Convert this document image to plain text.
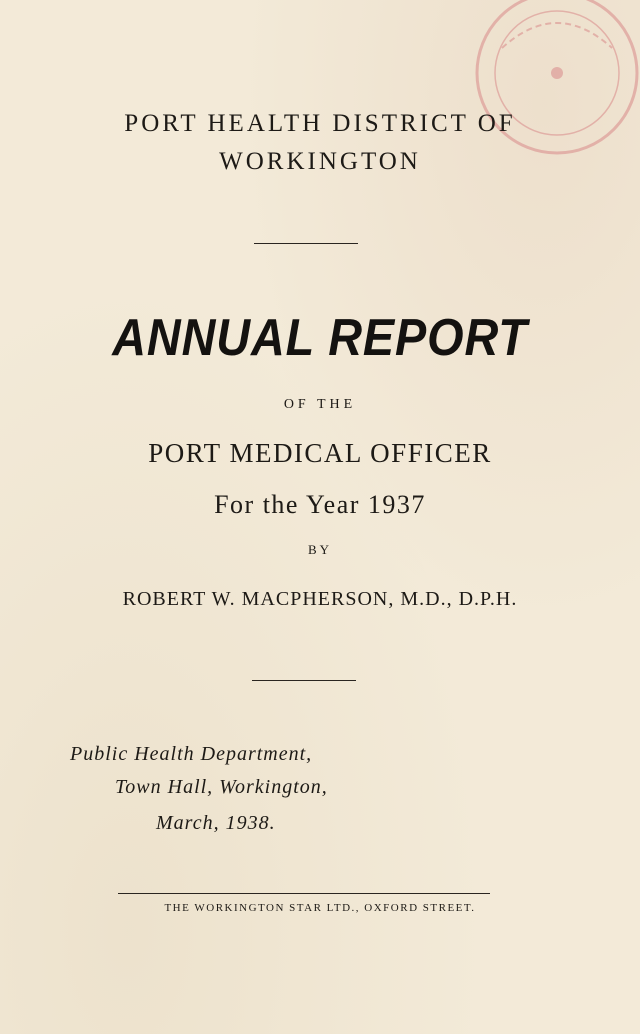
PORT HEALTH DISTRICT OF
WORKINGTON
ANNUAL REPORT
OF THE
PORT MEDICAL OFFICER
For the Year 1937
BY
ROBERT W. MACPHERSON, M.D., D.P.H.
Public Health Department,
Town Hall, Workington,
March, 1938.
THE WORKINGTON STAR LTD., OXFORD STREET.
